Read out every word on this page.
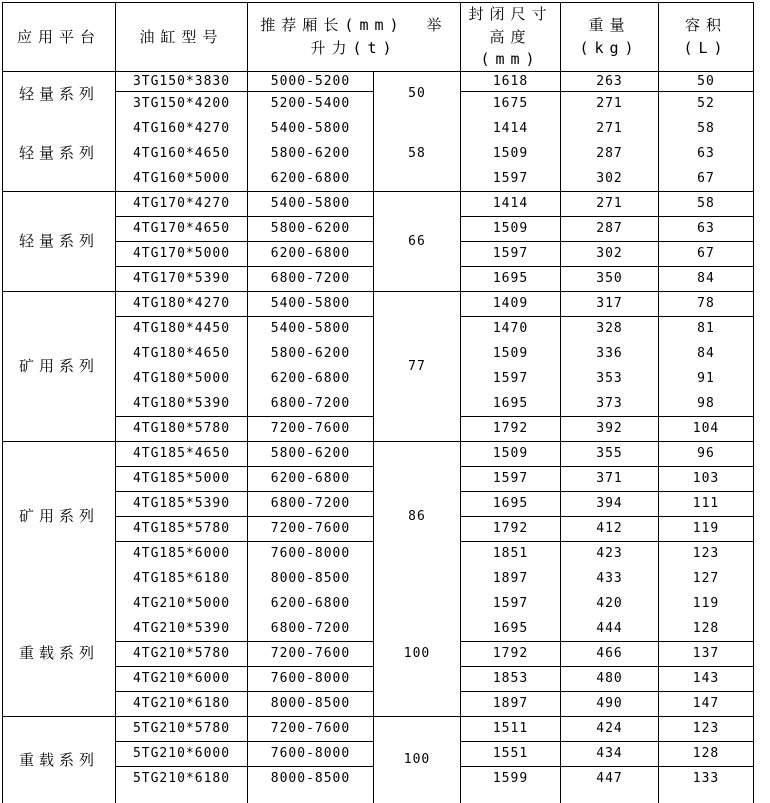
应用平台	油缸型号	推荐厢长(mm) 举升力(t)		封闭尺寸高度(mm)	重量(kg)	容积(L)
轻量系列	3TG150*3830	5000-5200	50	1618	263	50
	3TG150*4200	5200-5400		1675	271	52
轻量系列	4TG160*4270	5400-5800	58	1414	271	58
	4TG160*4650	5800-6200		1509	287	63
	4TG160*5000	6200-6800		1597	302	67
轻量系列	4TG170*4270	5400-5800	66	1414	271	58
	4TG170*4650	5800-6200		1509	287	63
	4TG170*5000	6200-6800		1597	302	67
	4TG170*5390	6800-7200		1695	350	84
矿用系列	4TG180*4270	5400-5800	77	1409	317	78
	4TG180*4450	5400-5800		1470	328	81
	4TG180*4650	5800-6200		1509	336	84
	4TG180*5000	6200-6800		1597	353	91
	4TG180*5390	6800-7200		1695	373	98
	4TG180*5780	7200-7600		1792	392	104
矿用系列	4TG185*4650	5800-6200	86	1509	355	96
	4TG185*5000	6200-6800		1597	371	103
	4TG185*5390	6800-7200		1695	394	111
	4TG185*5780	7200-7600		1792	412	119
	4TG185*6000	7600-8000		1851	423	123
	4TG185*6180	8000-8500		1897	433	127
重载系列	4TG210*5000	6200-6800	100	1597	420	119
	4TG210*5390	6800-7200		1695	444	128
	4TG210*5780	7200-7600		1792	466	137
	4TG210*6000	7600-8000		1853	480	143
	4TG210*6180	8000-8500		1897	490	147
重载系列	5TG210*5780	7200-7600	100	1511	424	123
	5TG210*6000	7600-8000		1551	434	128
	5TG210*6180	8000-8500		1599	447	133
